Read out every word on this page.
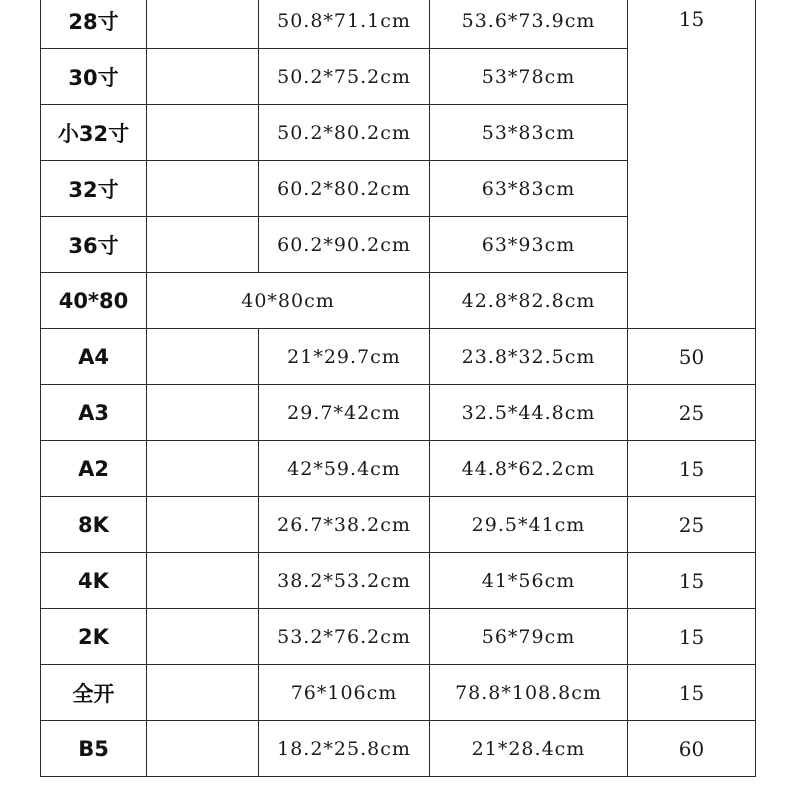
28寸		50.8*71.1cm	53.6*73.9cm	15
30寸		50.2*75.2cm	53*78cm	
小32寸		50.2*80.2cm	53*83cm	
32寸		60.2*80.2cm	63*83cm	
36寸		60.2*90.2cm	63*93cm	
40*80	40*80cm		42.8*82.8cm	
A4		21*29.7cm	23.8*32.5cm	50
A3		29.7*42cm	32.5*44.8cm	25
A2		42*59.4cm	44.8*62.2cm	15
8K		26.7*38.2cm	29.5*41cm	25
4K		38.2*53.2cm	41*56cm	15
2K		53.2*76.2cm	56*79cm	15
全开		76*106cm	78.8*108.8cm	15
B5		18.2*25.8cm	21*28.4cm	60
